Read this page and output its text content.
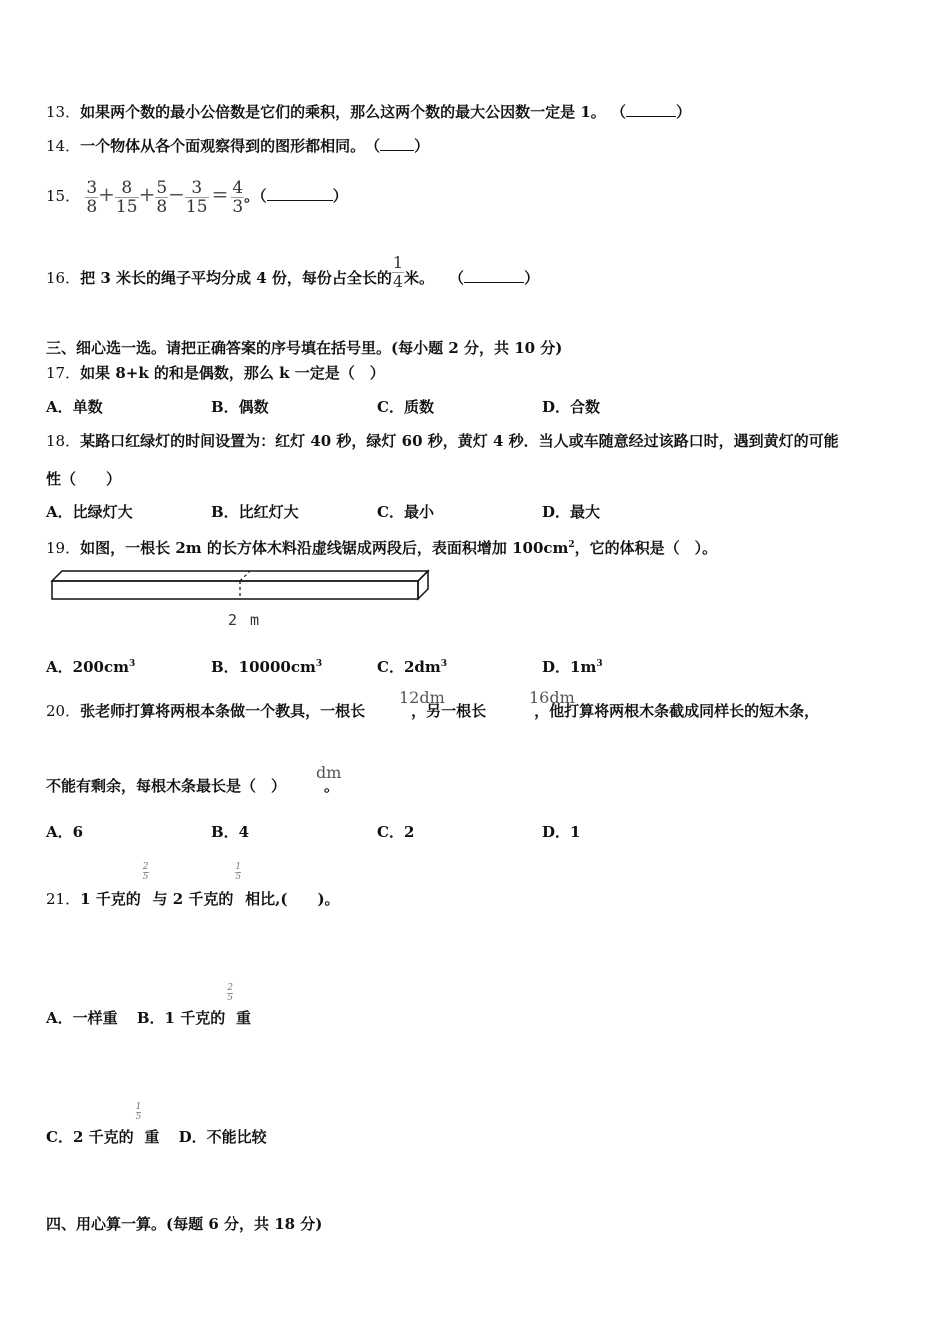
13．如果两个数的最小公倍数是它们的乘积，那么这两个数的最大公因数一定是 1。 （	）
14．一个物体从各个面观察得到的图形都相同。　（ ）
15． $\frac{3}{8} + \frac{8}{15} + \frac{5}{8} - \frac{3}{15} = \frac{4}{3}$ 。（	）
16．把 3 米长的绳子平均分成 4 份，每份占全长的 $\frac{1}{4}$ 米。　　（	）
三、细心选一选。请把正确答案的序号填在括号里。(每小题 2 分，共 10 分)
17．如果 8+k 的和是偶数，那么 k 一定是（　）
A．单数	B．偶数	C．质数	D．合数
18．某路口红绿灯的时间设置为：红灯 40 秒，绿灯 60 秒，黄灯 4 秒．当人或车随意经过该路口时，遇到黄灯的可能
性（　　）
A．比绿灯大	B．比红灯大	C．最小	D．最大
19．如图，一根长 2m 的长方体木料沿虚线锯成两段后，表面积增加 $100cm^2$，它的体积是（　）。
2 m
A．$200cm^3$	B．$10000cm^3$	C．$2dm^3$	D．$1m^3$
20．张老师打算将两根本条做一个教具，一根长	，另一根长	，他打算将两根木条截成同样长的短木条，
12dm	16dm
不能有剩余，每根木条最长是（　）	。
dm
A．6	B．4	C．2	D．1
21．1 千克的$\frac{2}{5}$
与 2 千克的$\frac{1}{5}$
相比,(　　)。
A．一样重 B．1 千克的$\frac{2}{5}$
重
C．2 千克的$\frac{1}{5}$
重 D．不能比较
四、用心算一算。(每题 6 分，共 18 分)
